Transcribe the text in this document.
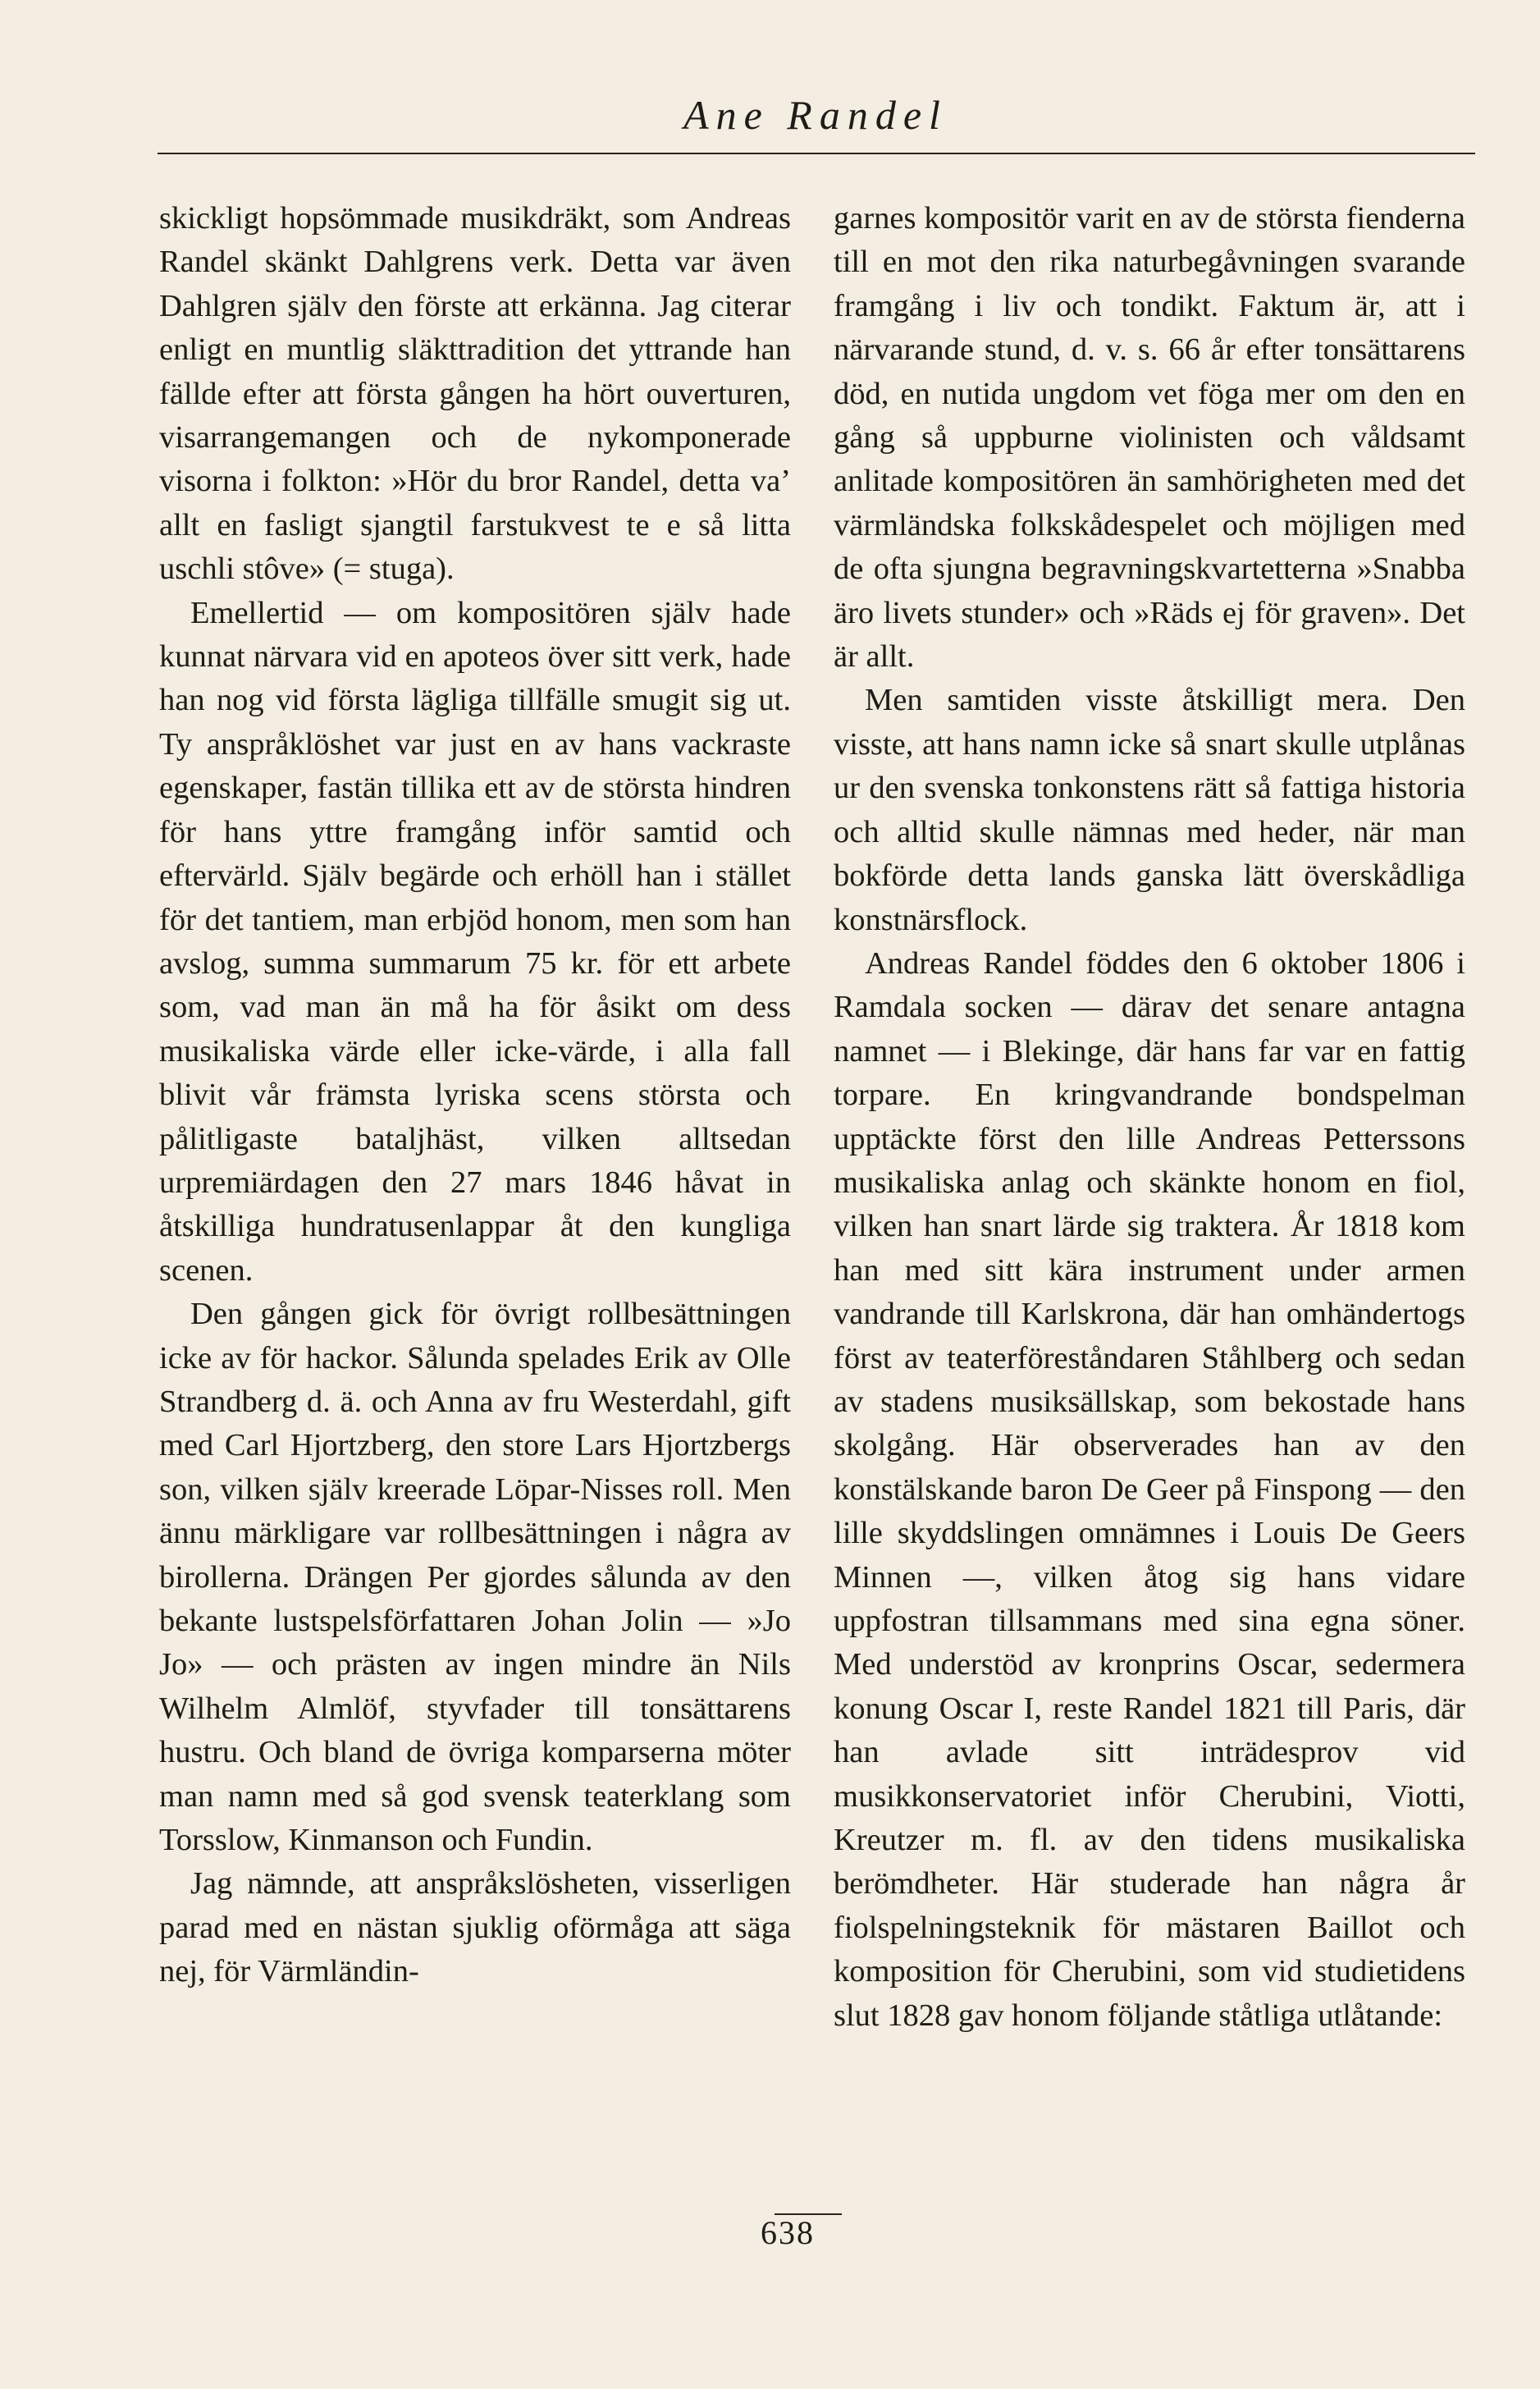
Ane Randel

skickligt hopsömmade musikdräkt, som Andreas Randel skänkt Dahlgrens verk. Detta var även Dahlgren själv den förste att erkänna. Jag citerar enligt en muntlig släkttradition det yttrande han fällde efter att första gången ha hört ouverturen, visarrangemangen och de nykomponerade visorna i folkton: »Hör du bror Randel, detta va’ allt en fasligt sjangtil farstukvest te e så litta uschli stôve» (= stuga).

Emellertid — om kompositören själv hade kunnat närvara vid en apoteos över sitt verk, hade han nog vid första lägliga tillfälle smugit sig ut. Ty anspråklöshet var just en av hans vackraste egenskaper, fastän tillika ett av de största hindren för hans yttre framgång inför samtid och eftervärld. Själv begärde och erhöll han i stället för det tantiem, man erbjöd honom, men som han avslog, summa summarum 75 kr. för ett arbete som, vad man än må ha för åsikt om dess musikaliska värde eller icke-värde, i alla fall blivit vår främsta lyriska scens största och pålitligaste bataljhäst, vilken alltsedan urpremiärdagen den 27 mars 1846 håvat in åtskilliga hundratusenlappar åt den kungliga scenen.

Den gången gick för övrigt rollbesättningen icke av för hackor. Sålunda spelades Erik av Olle Strandberg d. ä. och Anna av fru Westerdahl, gift med Carl Hjortzberg, den store Lars Hjortzbergs son, vilken själv kreerade Löpar-Nisses roll. Men ännu märkligare var rollbesättningen i några av birollerna. Drängen Per gjordes sålunda av den bekante lustspelsförfattaren Johan Jolin — »Jo Jo» — och prästen av ingen mindre än Nils Wilhelm Almlöf, styvfader till tonsättarens hustru. Och bland de övriga komparserna möter man namn med så god svensk teaterklang som Torsslow, Kinmanson och Fundin.

Jag nämnde, att anspråkslösheten, visserligen parad med en nästan sjuklig oförmåga att säga nej, för Värmländin-

garnes kompositör varit en av de största fienderna till en mot den rika naturbegåvningen svarande framgång i liv och tondikt. Faktum är, att i närvarande stund, d. v. s. 66 år efter tonsättarens död, en nutida ungdom vet föga mer om den en gång så uppburne violinisten och våldsamt anlitade kompositören än samhörigheten med det värmländska folkskådespelet och möjligen med de ofta sjungna begravningskvartetterna »Snabba äro livets stunder» och »Räds ej för graven». Det är allt.

Men samtiden visste åtskilligt mera. Den visste, att hans namn icke så snart skulle utplånas ur den svenska tonkonstens rätt så fattiga historia och alltid skulle nämnas med heder, när man bokförde detta lands ganska lätt överskådliga konstnärsflock.

Andreas Randel föddes den 6 oktober 1806 i Ramdala socken — därav det senare antagna namnet — i Blekinge, där hans far var en fattig torpare. En kringvandrande bondspelman upptäckte först den lille Andreas Petterssons musikaliska anlag och skänkte honom en fiol, vilken han snart lärde sig traktera. År 1818 kom han med sitt kära instrument under armen vandrande till Karlskrona, där han omhändertogs först av teaterföreståndaren Ståhlberg och sedan av stadens musiksällskap, som bekostade hans skolgång. Här observerades han av den konstälskande baron De Geer på Finspong — den lille skyddslingen omnämnes i Louis De Geers Minnen —, vilken åtog sig hans vidare uppfostran tillsammans med sina egna söner. Med understöd av kronprins Oscar, sedermera konung Oscar I, reste Randel 1821 till Paris, där han avlade sitt inträdesprov vid musikkonservatoriet inför Cherubini, Viotti, Kreutzer m. fl. av den tidens musikaliska berömdheter. Här studerade han några år fiolspelningsteknik för mästaren Baillot och komposition för Cherubini, som vid studietidens slut 1828 gav honom följande ståtliga utlåtande:

638
